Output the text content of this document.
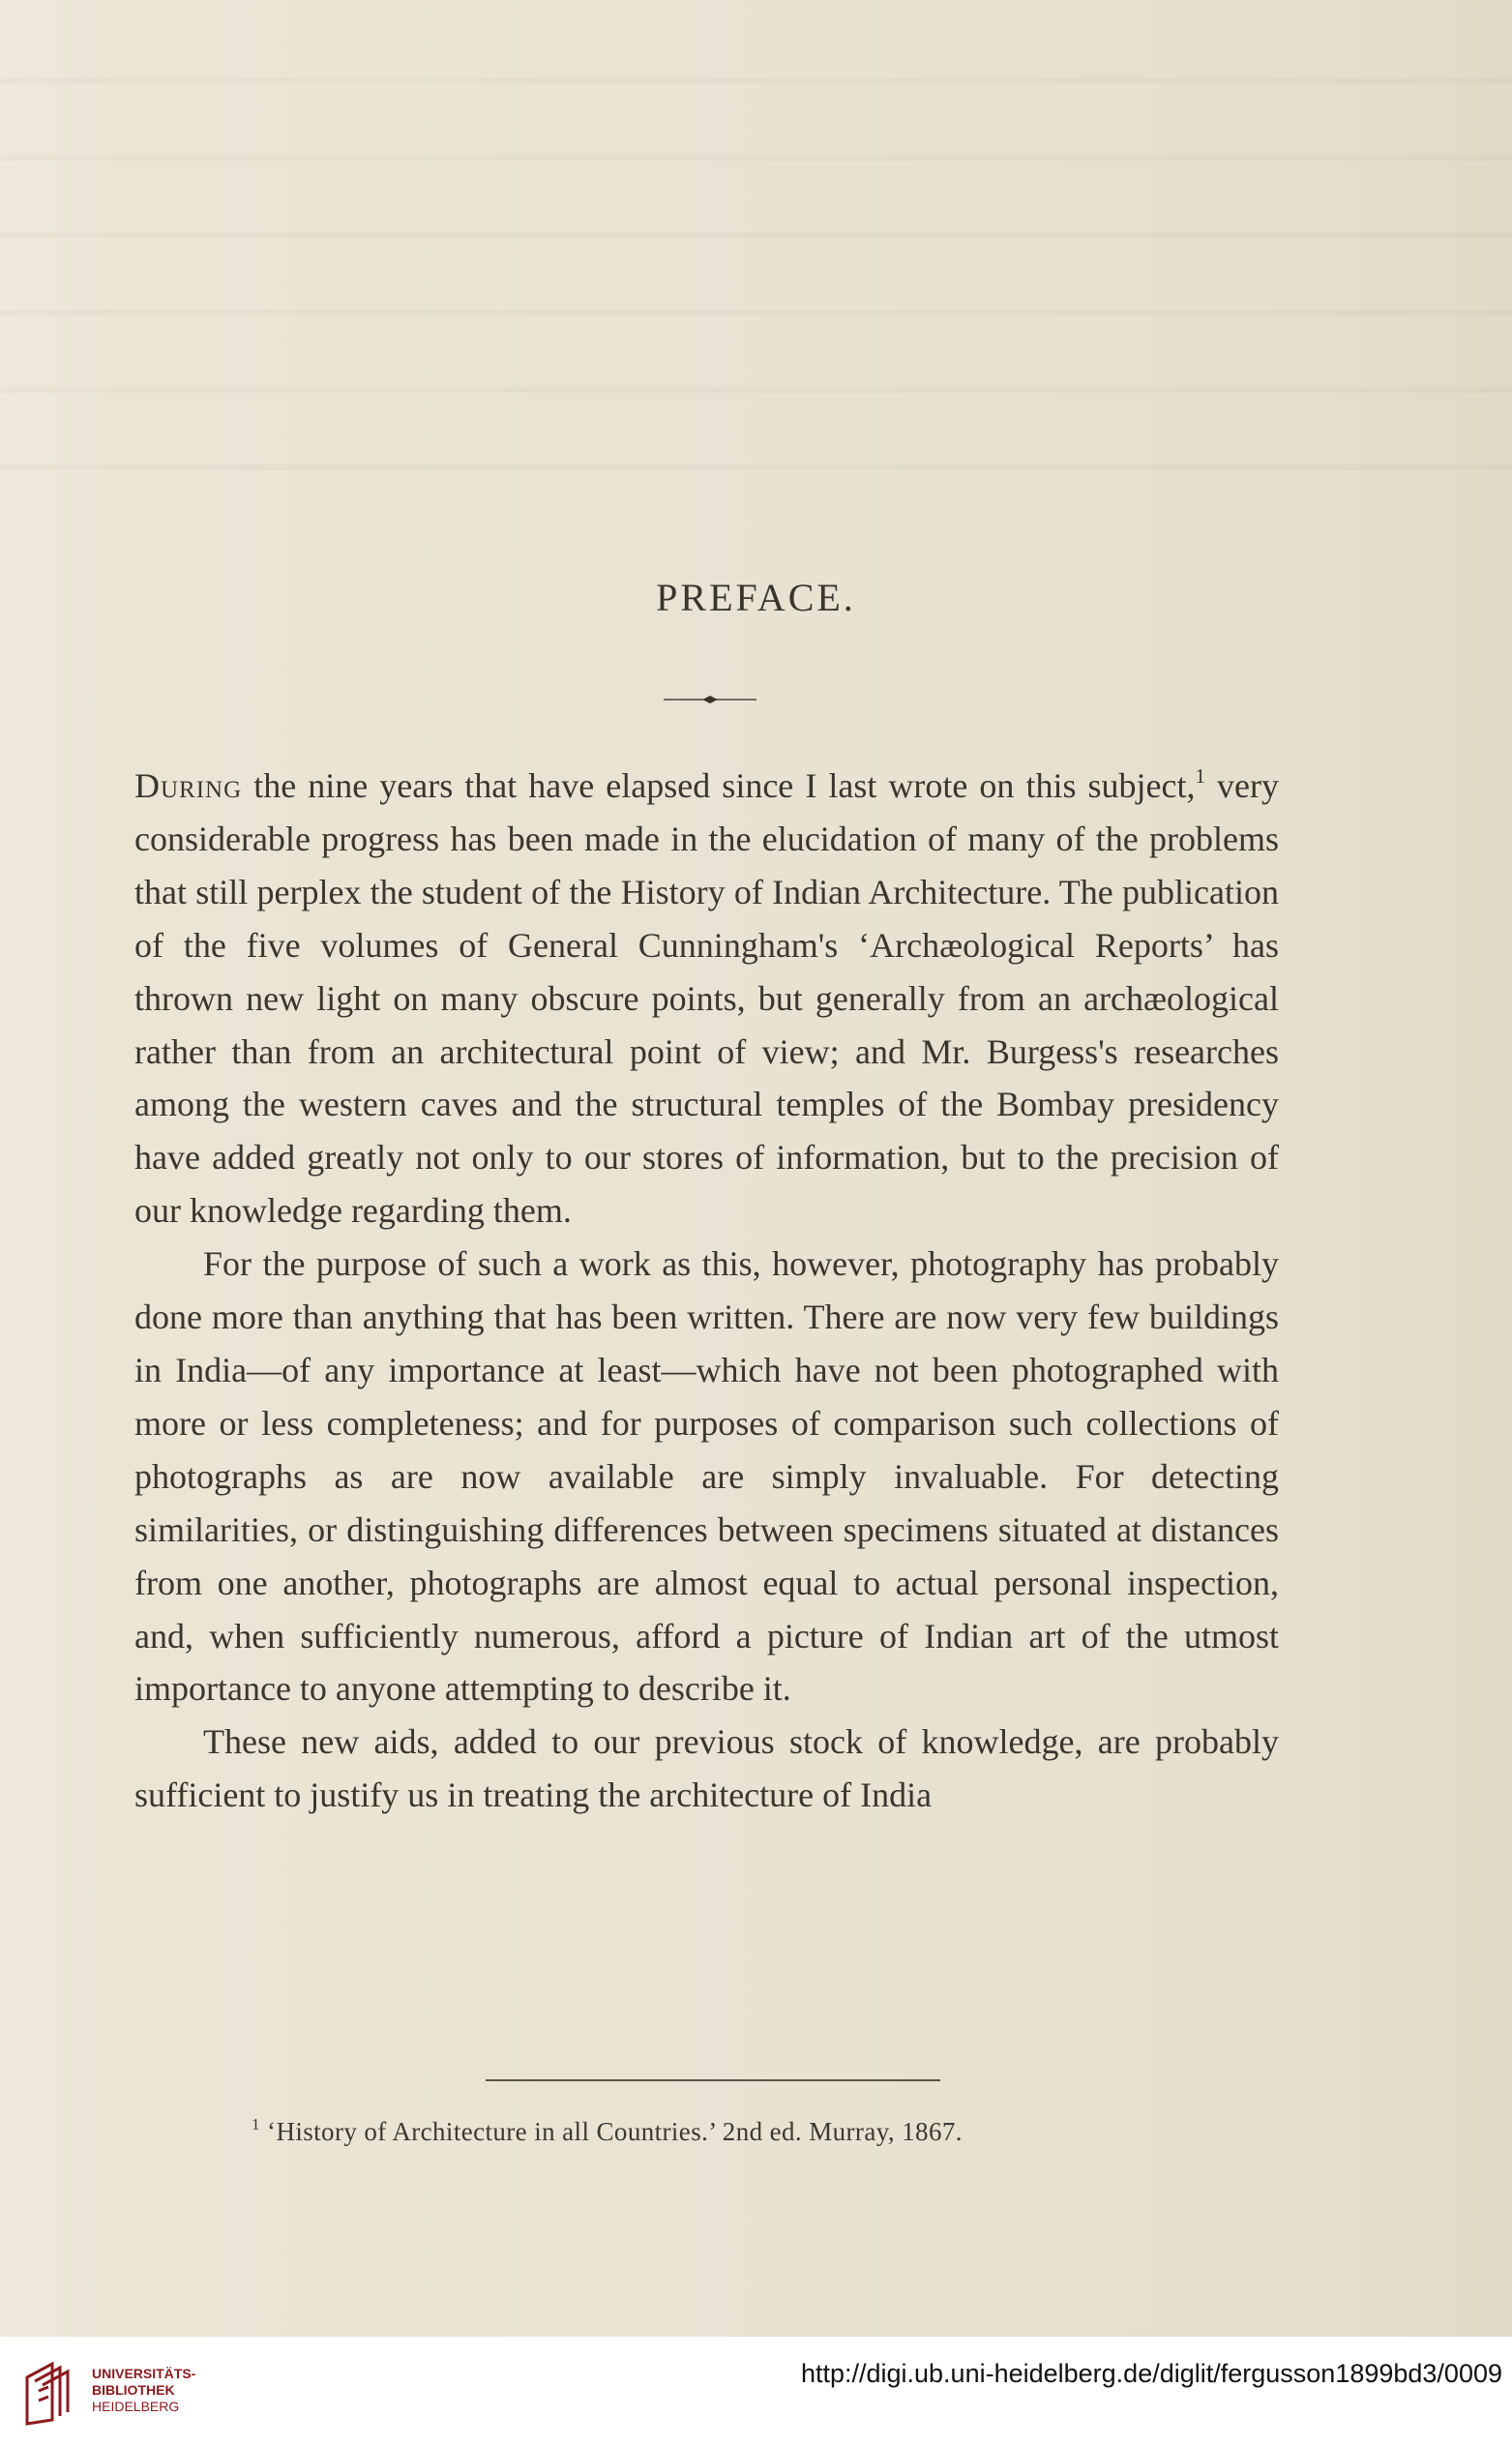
PREFACE.

During the nine years that have elapsed since I last wrote on this subject,$^1$ very considerable progress has been made in the elucidation of many of the problems that still perplex the student of the History of Indian Architecture. The publication of the five volumes of General Cunningham's ‘Archæological Reports’ has thrown new light on many obscure points, but generally from an archæological rather than from an architectural point of view; and Mr. Burgess's researches among the western caves and the structural temples of the Bombay presidency have added greatly not only to our stores of information, but to the precision of our knowledge regarding them.

For the purpose of such a work as this, however, photography has probably done more than anything that has been written. There are now very few buildings in India—of any importance at least—which have not been photographed with more or less completeness; and for purposes of comparison such collections of photographs as are now available are simply invaluable. For detecting similarities, or distinguishing differences between specimens situated at distances from one another, photographs are almost equal to actual personal inspection, and, when sufficiently numerous, afford a picture of Indian art of the utmost importance to anyone attempting to describe it.

These new aids, added to our previous stock of knowledge, are probably sufficient to justify us in treating the architecture of India

$^1$ ‘History of Architecture in all Countries.’ 2nd ed. Murray, 1867.
UNIVERSITÄTS-
BIBLIOTHEK
HEIDELBERG
http://digi.ub.uni-heidelberg.de/diglit/fergusson1899bd3/0009
